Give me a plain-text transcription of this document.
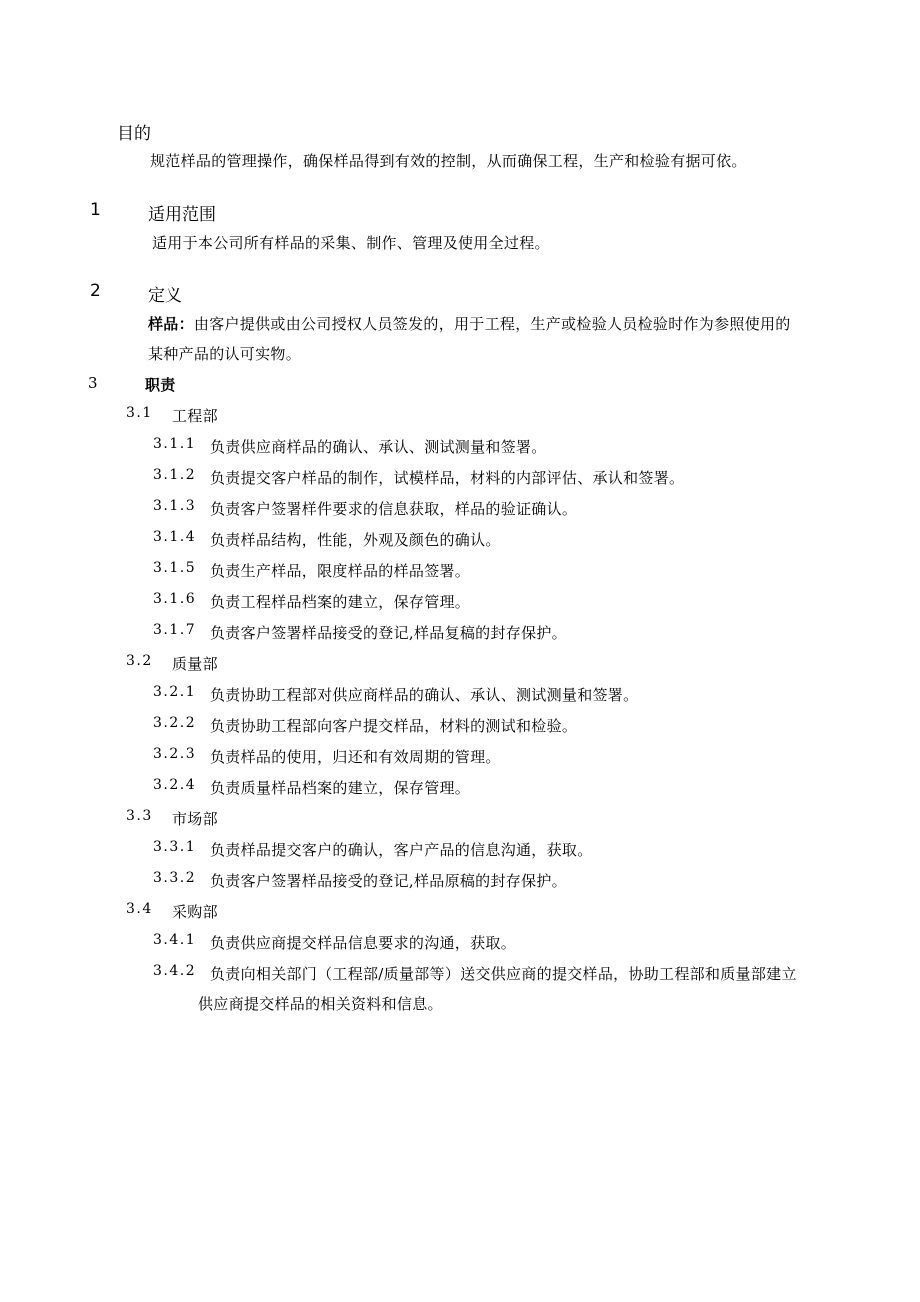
目的
规范样品的管理操作，确保样品得到有效的控制，从而确保工程，生产和检验有据可依。
1	适用范围
适用于本公司所有样品的采集、制作、管理及使用全过程。
2	定义
样品：由客户提供或由公司授权人员签发的，用于工程，生产或检验人员检验时作为参照使用的
某种产品的认可实物。
3	职责
3.1 工程部
3.1.1 负责供应商样品的确认、承认、测试测量和签署。
3.1.2 负责提交客户样品的制作，试模样品，材料的内部评估、承认和签署。
3.1.3 负责客户签署样件要求的信息获取，样品的验证确认。
3.1.4 负责样品结构，性能，外观及颜色的确认。
3.1.5 负责生产样品，限度样品的样品签署。
3.1.6 负责工程样品档案的建立，保存管理。
3.1.7 负责客户签署样品接受的登记,样品复稿的封存保护。
3.2 质量部
3.2.1 负责协助工程部对供应商样品的确认、承认、测试测量和签署。
3.2.2 负责协助工程部向客户提交样品，材料的测试和检验。
3.2.3 负责样品的使用，归还和有效周期的管理。
3.2.4 负责质量样品档案的建立，保存管理。
3.3 市场部
3.3.1 负责样品提交客户的确认，客户产品的信息沟通，获取。
3.3.2 负责客户签署样品接受的登记,样品原稿的封存保护。
3.4 采购部
3.4.1 负责供应商提交样品信息要求的沟通，获取。
3.4.2 负责向相关部门（工程部/质量部等）送交供应商的提交样品，协助工程部和质量部建立
供应商提交样品的相关资料和信息。
